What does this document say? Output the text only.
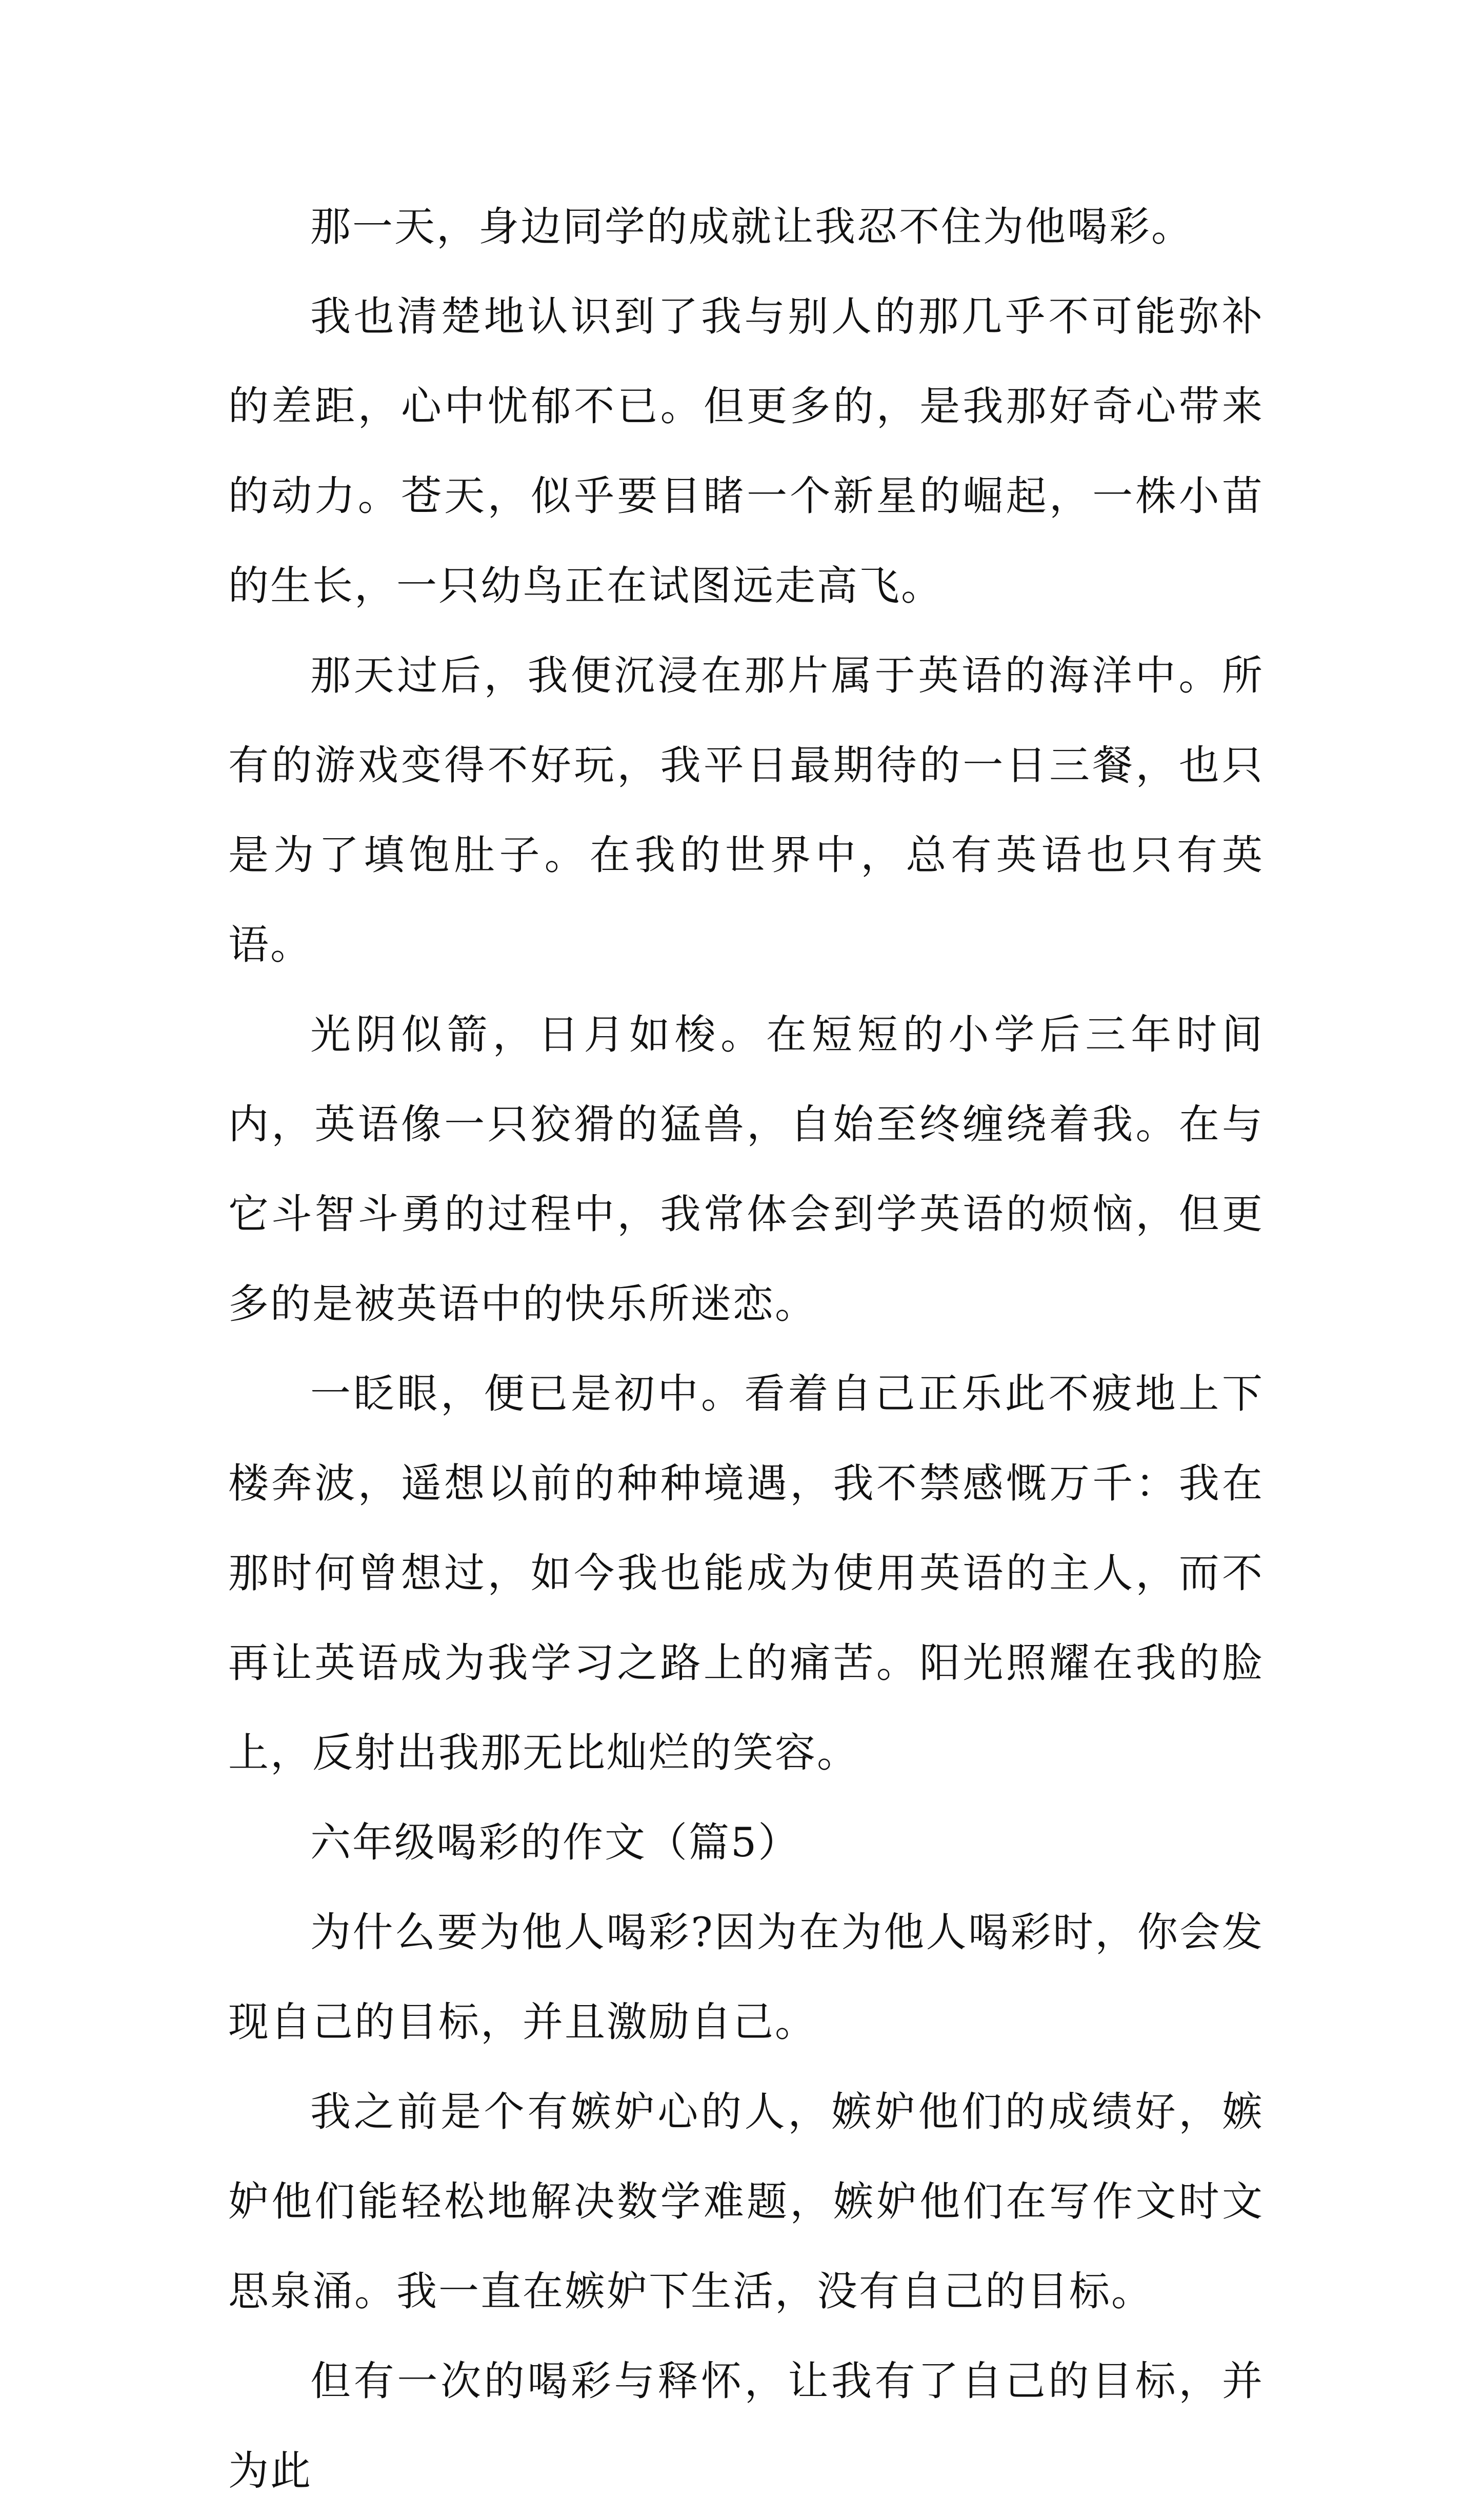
那一天，身边同学的成就让我忍不住为他喝彩。

我也清楚地认识到了我与别人的那几乎不可能弥补的差距，心中忧郁不已。但更多的，是我那好奇心带来的动力。苍天，似乎要目睹一个新星的崛起，一株小苗的生长，一只幼鸟正在试图远走高飞。

那天过后，我便沉浸在那片属于英语的海洋中。所有的游戏变得不好玩，我平日最期待的一日三餐，也只是为了填饱肚子。在我的世界中，总有英语也只有英语。

光阴似箭，日月如梭。在短短的小学后三年时间内，英语像一只狡猾的猛兽，自始至终缠绕着我。在与它斗智斗勇的过程中，我常体会到学英语的烦恼，但更多的是被英语中的快乐所迷恋。

一眨眼，便已是初中。看着自己正乐此不疲地上下楼奔波，遥想以前的种种境遇，我不禁感慨万千：我在那时何曾想过，如今我也能成为使用英语的主人，而不再让英语成为我学习之路上的痛苦。阳光照耀在我的脸上，反射出我那无比灿烂的笑容。

六年级喝彩的作文（篇5）

为什么要为他人喝彩?因为在为他人喝彩时，你会发现自己的目标，并且激励自己。

我之前是个有嫉妒心的人，嫉妒他们的成绩好，嫉妒他们能轻松地解决数学难题，嫉妒他们在写作文时文思泉涌。我一直在嫉妒下生活，没有自己的目标。

但有一次的喝彩与释怀，让我有了自己的目标，并为此
